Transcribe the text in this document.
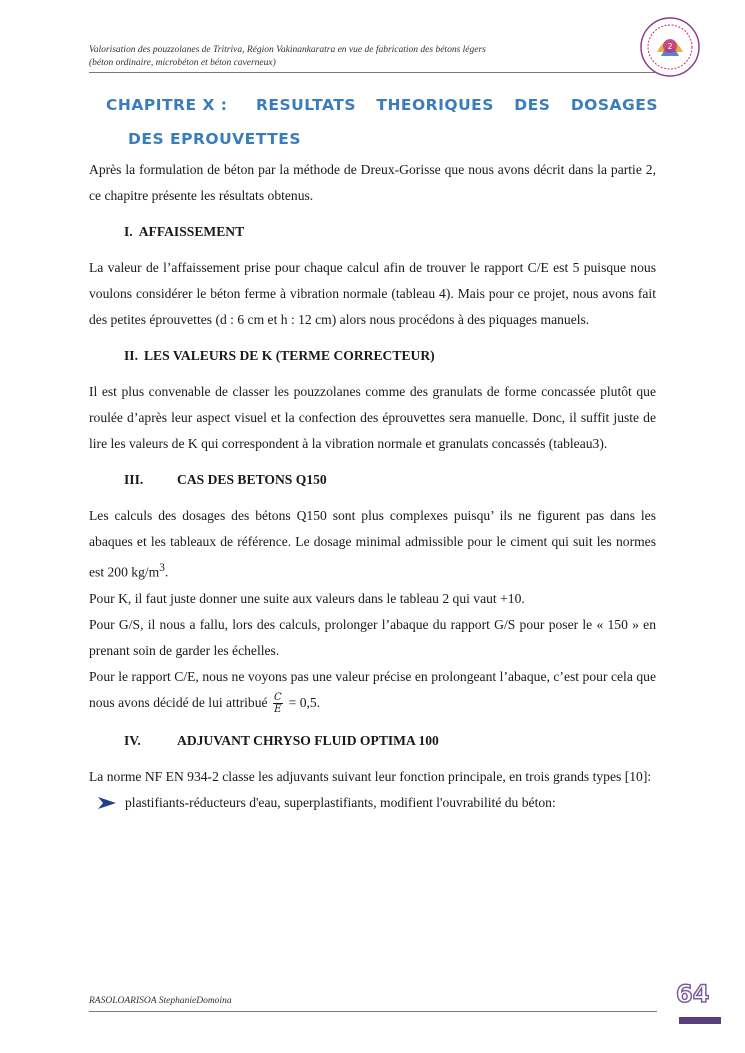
Valorisation des pouzzolanes de Tritriva, Région Vakinankaratra en vue de fabrication des bétons légers
(béton ordinaire, microbéton et béton caverneux)
2
CHAPITRE X :	RESULTATS THEORIQUES DES DOSAGES
DES EPROUVETTES

Après la formulation de béton par la méthode de Dreux-Gorisse que nous avons décrit dans la partie 2, ce chapitre présente les résultats obtenus.

I. AFFAISSEMENT

La valeur de l’affaissement prise pour chaque calcul afin de trouver le rapport C/E est 5 puisque nous voulons considérer le béton ferme à vibration normale (tableau 4). Mais pour ce projet, nous avons fait des petites éprouvettes (d : 6 cm et h : 12 cm) alors nous procédons à des piquages manuels.

II. LES VALEURS DE K (TERME CORRECTEUR)

Il est plus convenable de classer les pouzzolanes comme des granulats de forme concassée plutôt que roulée d’après leur aspect visuel et la confection des éprouvettes sera manuelle. Donc, il suffit juste de lire les valeurs de K qui correspondent à la vibration normale et granulats concassés (tableau3).

III. CAS DES BETONS Q150

Les calculs des dosages des bétons Q150 sont plus complexes puisqu’ ils ne figurent pas dans les abaques et les tableaux de référence. Le dosage minimal admissible pour le ciment qui suit les normes est 200 $kg/m^3$.

Pour K, il faut juste donner une suite aux valeurs dans le tableau 2 qui vaut +10.

Pour G/S, il nous a fallu, lors des calculs, prolonger l’abaque du rapport G/S pour poser le « 150 » en prenant soin de garder les échelles.

Pour le rapport C/E, nous ne voyons pas une valeur précise en prolongeant l’abaque, c’est pour cela que nous avons décidé de lui attribué $\frac{C}{E} = 0,5$.

IV.	ADJUVANT CHRYSO FLUID OPTIMA 100

La norme NF EN 934-2 classe les adjuvants suivant leur fonction principale, en trois grands types [10]:

plastifiants-réducteurs d'eau, superplastifiants, modifient l'ouvrabilité du béton:
RASOLOARISOA StephanieDomoina	64
